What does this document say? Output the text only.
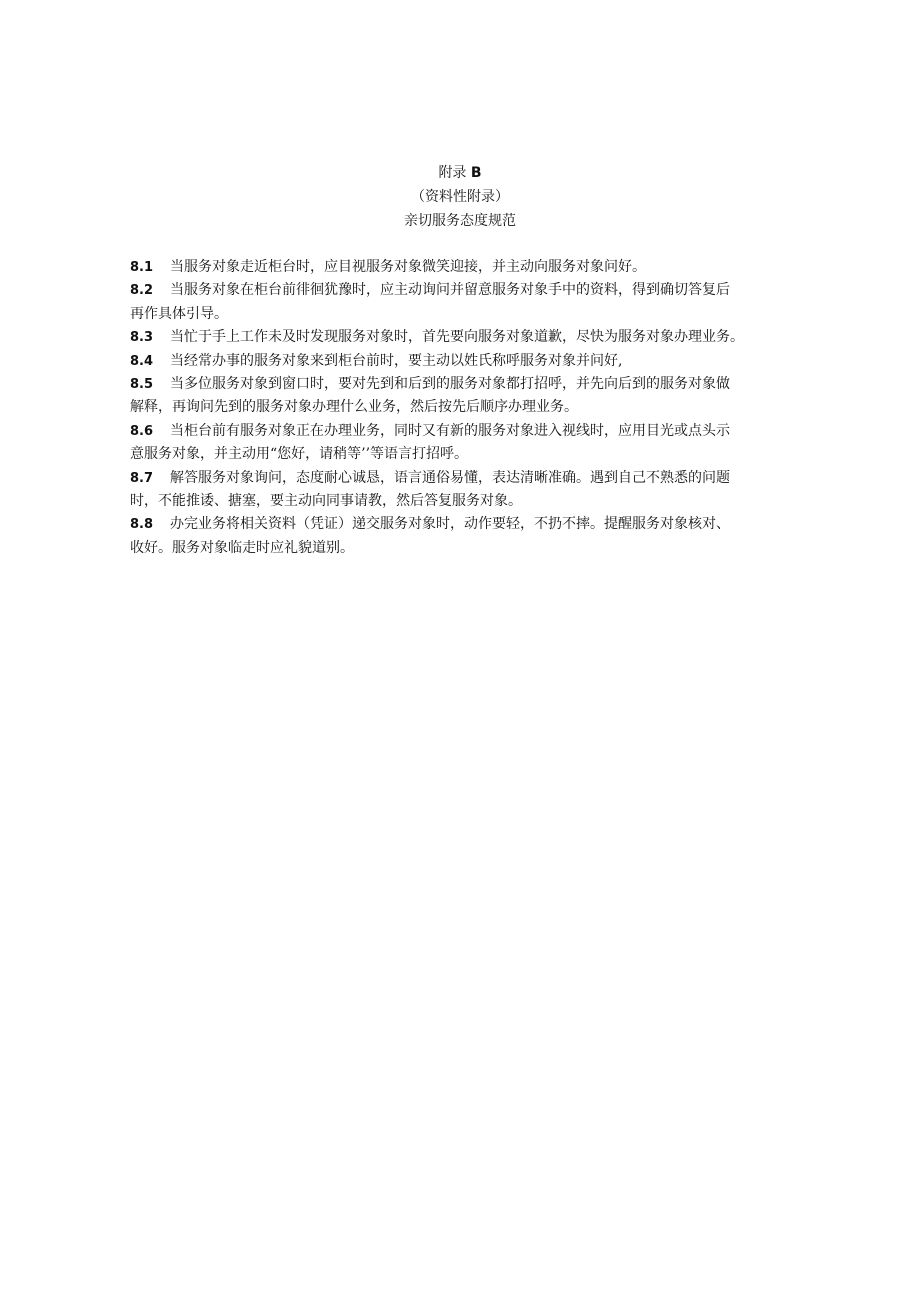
附录 B
（资料性附录）
亲切服务态度规范

8.1 当服务对象走近柜台时，应目视服务对象微笑迎接，并主动向服务对象问好。

8.2 当服务对象在柜台前徘徊犹豫时，应主动询问并留意服务对象手中的资料，得到确切答复后
再作具体引导。

8.3 当忙于手上工作未及时发现服务对象时，首先要向服务对象道歉，尽快为服务对象办理业务。

8.4 当经常办事的服务对象来到柜台前时，要主动以姓氏称呼服务对象并问好,

8.5 当多位服务对象到窗口时，要对先到和后到的服务对象都打招呼，并先向后到的服务对象做
解释，再询问先到的服务对象办理什么业务，然后按先后顺序办理业务。

8.6 当柜台前有服务对象正在办理业务，同时又有新的服务对象进入视线时，应用目光或点头示
意服务对象，并主动用“您好，请稍等’’等语言打招呼。

8.7 解答服务对象询问，态度耐心诚恳，语言通俗易懂，表达清晰准确。遇到自己不熟悉的问题
时，不能推诿、搪塞，要主动向同事请教，然后答复服务对象。

8.8 办完业务将相关资料（凭证）递交服务对象时，动作要轻，不扔不摔。提醒服务对象核对、
收好。服务对象临走时应礼貌道别。
